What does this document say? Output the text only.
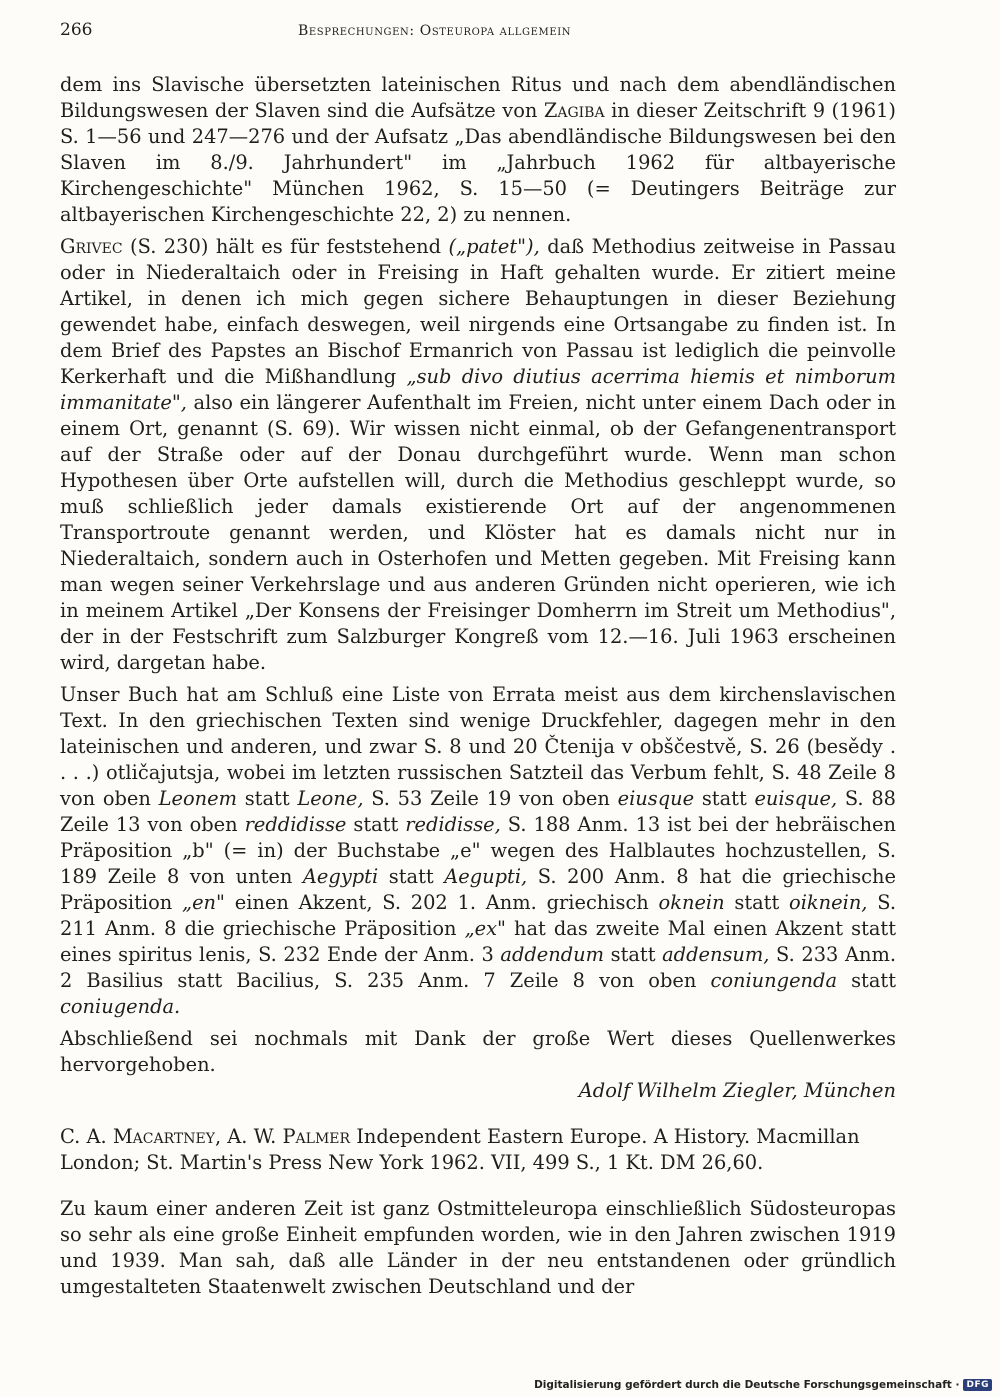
266	Besprechungen: Osteuropa allgemein

dem ins Slavische übersetzten lateinischen Ritus und nach dem abendländischen Bildungswesen der Slaven sind die Aufsätze von Zagiba in dieser Zeitschrift 9 (1961) S. 1—56 und 247—276 und der Aufsatz „Das abendländische Bildungswesen bei den Slaven im 8./9. Jahrhundert" im „Jahrbuch 1962 für altbayerische Kirchengeschichte" München 1962, S. 15—50 (= Deutingers Beiträge zur altbayerischen Kirchengeschichte 22, 2) zu nennen.

Grivec (S. 230) hält es für feststehend („patet"), daß Methodius zeitweise in Passau oder in Niederaltaich oder in Freising in Haft gehalten wurde. Er zitiert meine Artikel, in denen ich mich gegen sichere Behauptungen in dieser Beziehung gewendet habe, einfach deswegen, weil nirgends eine Ortsangabe zu finden ist. In dem Brief des Papstes an Bischof Ermanrich von Passau ist lediglich die peinvolle Kerkerhaft und die Mißhandlung „sub divo diutius acerrima hiemis et nimborum immanitate", also ein längerer Aufenthalt im Freien, nicht unter einem Dach oder in einem Ort, genannt (S. 69). Wir wissen nicht einmal, ob der Gefangenentransport auf der Straße oder auf der Donau durchgeführt wurde. Wenn man schon Hypothesen über Orte aufstellen will, durch die Methodius geschleppt wurde, so muß schließlich jeder damals existierende Ort auf der angenommenen Transportroute genannt werden, und Klöster hat es damals nicht nur in Niederaltaich, sondern auch in Osterhofen und Metten gegeben. Mit Freising kann man wegen seiner Verkehrslage und aus anderen Gründen nicht operieren, wie ich in meinem Artikel „Der Konsens der Freisinger Domherrn im Streit um Methodius", der in der Festschrift zum Salzburger Kongreß vom 12.—16. Juli 1963 erscheinen wird, dargetan habe.

Unser Buch hat am Schluß eine Liste von Errata meist aus dem kirchenslavischen Text. In den griechischen Texten sind wenige Druckfehler, dagegen mehr in den lateinischen und anderen, und zwar S. 8 und 20 Čtenija v obščestvě, S. 26 (besědy . . . .) otličajutsja, wobei im letzten russischen Satzteil das Verbum fehlt, S. 48 Zeile 8 von oben Leonem statt Leone, S. 53 Zeile 19 von oben eiusque statt euisque, S. 88 Zeile 13 von oben reddidisse statt redidisse, S. 188 Anm. 13 ist bei der hebräischen Präposition „b" (= in) der Buchstabe „e" wegen des Halblautes hochzustellen, S. 189 Zeile 8 von unten Aegypti statt Aegupti, S. 200 Anm. 8 hat die griechische Präposition „en" einen Akzent, S. 202 1. Anm. griechisch oknein statt oiknein, S. 211 Anm. 8 die griechische Präposition „ex" hat das zweite Mal einen Akzent statt eines spiritus lenis, S. 232 Ende der Anm. 3 addendum statt addensum, S. 233 Anm. 2 Basilius statt Bacilius, S. 235 Anm. 7 Zeile 8 von oben coniungenda statt coniugenda.

Abschließend sei nochmals mit Dank der große Wert dieses Quellenwerkes hervorgehoben.

Adolf Wilhelm Ziegler, München

C. A. Macartney, A. W. Palmer Independent Eastern Europe. A History. Macmillan London; St. Martin's Press New York 1962. VII, 499 S., 1 Kt. DM 26,60.

Zu kaum einer anderen Zeit ist ganz Ostmitteleuropa einschließlich Südosteuropas so sehr als eine große Einheit empfunden worden, wie in den Jahren zwischen 1919 und 1939. Man sah, daß alle Länder in der neu entstandenen oder gründlich umgestalteten Staatenwelt zwischen Deutschland und der

Digitalisierung gefördert durch die Deutsche Forschungsgemeinschaft · DFG
